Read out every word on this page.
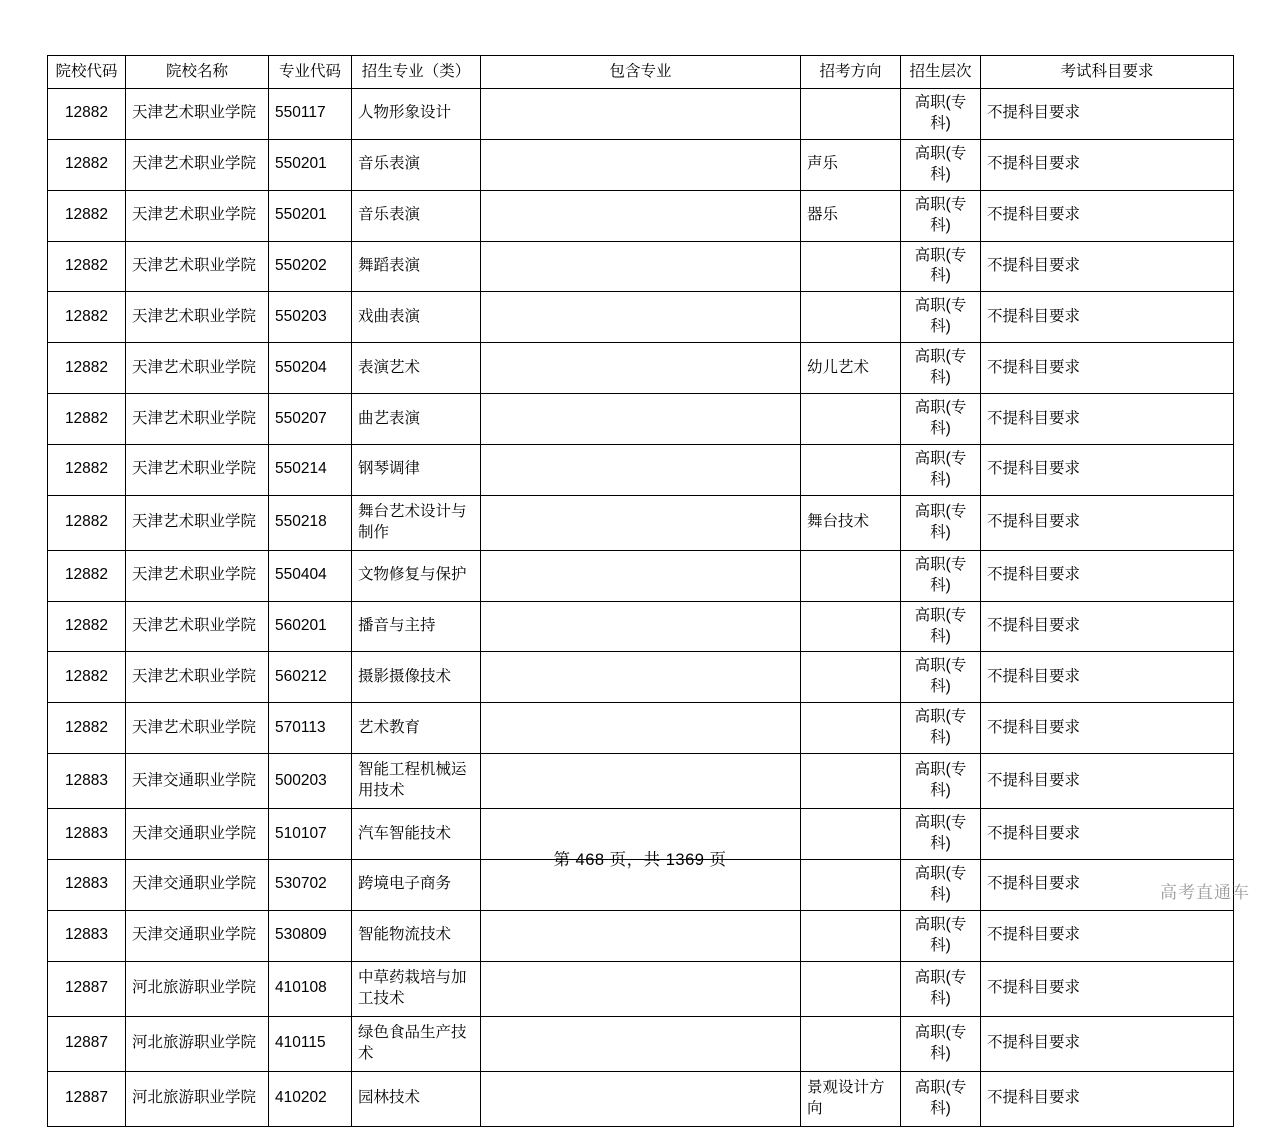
院校代码	院校名称	专业代码	招生专业（类）	包含专业	招考方向	招生层次	考试科目要求
12882	天津艺术职业学院	550117	人物形象设计			高职(专科)	不提科目要求
12882	天津艺术职业学院	550201	音乐表演		声乐	高职(专科)	不提科目要求
12882	天津艺术职业学院	550201	音乐表演		器乐	高职(专科)	不提科目要求
12882	天津艺术职业学院	550202	舞蹈表演			高职(专科)	不提科目要求
12882	天津艺术职业学院	550203	戏曲表演			高职(专科)	不提科目要求
12882	天津艺术职业学院	550204	表演艺术		幼儿艺术	高职(专科)	不提科目要求
12882	天津艺术职业学院	550207	曲艺表演			高职(专科)	不提科目要求
12882	天津艺术职业学院	550214	钢琴调律			高职(专科)	不提科目要求
12882	天津艺术职业学院	550218	舞台艺术设计与制作		舞台技术	高职(专科)	不提科目要求
12882	天津艺术职业学院	550404	文物修复与保护			高职(专科)	不提科目要求
12882	天津艺术职业学院	560201	播音与主持			高职(专科)	不提科目要求
12882	天津艺术职业学院	560212	摄影摄像技术			高职(专科)	不提科目要求
12882	天津艺术职业学院	570113	艺术教育			高职(专科)	不提科目要求
12883	天津交通职业学院	500203	智能工程机械运用技术			高职(专科)	不提科目要求
12883	天津交通职业学院	510107	汽车智能技术			高职(专科)	不提科目要求
12883	天津交通职业学院	530702	跨境电子商务			高职(专科)	不提科目要求
12883	天津交通职业学院	530809	智能物流技术			高职(专科)	不提科目要求
12887	河北旅游职业学院	410108	中草药栽培与加工技术			高职(专科)	不提科目要求
12887	河北旅游职业学院	410115	绿色食品生产技术			高职(专科)	不提科目要求
12887	河北旅游职业学院	410202	园林技术		景观设计方向	高职(专科)	不提科目要求
第 468 页，共 1369 页
高考直通车
